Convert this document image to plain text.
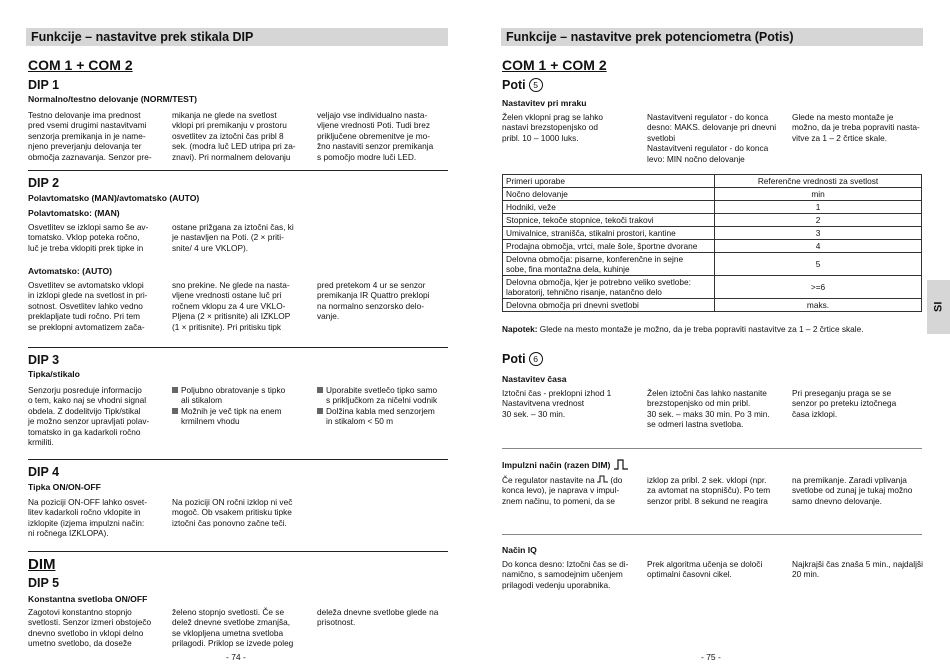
Funkcije – nastavitve prek stikala DIP
COM 1 + COM 2
DIP 1
Normalno/testno delovanje (NORM/TEST)
Testno delovanje ima prednost
pred vsemi drugimi nastavitvami
senzorja premikanja in je name-
njeno preverjanju delovanja ter
območja zaznavanja. Senzor pre-
mikanja ne glede na svetlost
vklopi pri premikanju v prostoru
osvetlitev za iztočni čas pribl 8
sek. (modra luč LED utripa pri za-
znavi). Pri normalnem delovanju
veljajo vse individualno nasta-
vljene vrednosti Poti. Tudi brez
priključene obremenitve je mo-
žno nastaviti senzor premikanja
s pomočjo modre luči LED.
DIP 2
Polavtomatsko (MAN)/avtomatsko (AUTO)
Polavtomatsko: (MAN)
Osvetlitev se izklopi samo še av-
tomatsko. Vklop poteka ročno,
luč je treba vklopiti prek tipke in
ostane prižgana za iztočni čas, ki
je nastavljen na Poti. (2 × priti-
snite/ 4 ure VKLOP).
Avtomatsko: (AUTO)
Osvetlitev se avtomatsko vklopi
in izklopi glede na svetlost in pri-
sotnost. Osvetlitev lahko vedno
preklapljate tudi ročno. Pri tem
se preklopni avtomatizem zača-
sno prekine. Ne glede na nasta-
vljene vrednosti ostane luč pri
ročnem vklopu za 4 ure VKLO-
Pljena (2 × pritisnite) ali IZKLOP
(1 × pritisnite). Pri pritisku tipk
pred pretekom 4 ur se senzor
premikanja IR Quattro preklopi
na normalno senzorsko delo-
vanje.
DIP 3
Tipka/stikalo
Senzorju posreduje informacijo
o tem, kako naj se vhodni signal
obdela. Z dodelitvijo Tipk/stikal
je možno senzor upravljati polav-
tomatsko in ga kadarkoli ročno
krmiliti.
Poljubno obratovanje s tipko
ali stikalom
Možnih je več tipk na enem
krmilnem vhodu
Uporabite svetlečo tipko samo
s priključkom za ničelni vodnik
Dolžina kabla med senzorjem
in stikalom < 50 m
DIP 4
Tipka ON/ON-OFF
Na poziciji ON-OFF lahko osvet-
litev kadarkoli ročno vklopite in
izklopite (izjema impulzni način:
ni ročnega IZKLOPA).
Na poziciji ON ročni izklop ni več
mogoč. Ob vsakem pritisku tipke
iztočni čas ponovno začne teči.
DIM
DIP 5
Konstantna svetloba ON/OFF
Zagotovi konstantno stopnjo
svetlosti. Senzor izmeri obstoječo
dnevno svetlobo in vklopi delno
umetno svetlobo, da doseže
želeno stopnjo svetlosti. Če se
delež dnevne svetlobe zmanjša,
se vklopljena umetna svetloba
prilagodi. Priklop se izvede poleg
deleža dnevne svetlobe glede na
prisotnost.
- 74 -
Funkcije – nastavitve prek potenciometra (Potis)
COM 1 + COM 2
Poti 5
Nastavitev pri mraku
Želen vklopni prag se lahko
nastavi brezstopenjsko od
pribl. 10 – 1000 luks.
Nastavitveni regulator - do konca
desno: MAKS. delovanje pri dnevni
svetlobi
Nastavitveni regulator - do konca
levo: MIN nočno delovanje
Glede na mesto montaže je
možno, da je treba popraviti nasta-
vitve za 1 – 2 črtice skale.
Primeri uporabe	Referenčne vrednosti za svetlost
Nočno delovanje	min
Hodniki, veže	1
Stopnice, tekoče stopnice, tekoči trakovi	2
Umivalnice, stranišča, stikalni prostori, kantine	3
Prodajna območja, vrtci, male šole, športne dvorane	4
Delovna območja: pisarne, konferenčne in sejne
sobe, fina montažna dela, kuhinje	5
Delovna območja, kjer je potrebno veliko svetlobe:
laboratorij, tehnično risanje, natančno delo	>=6
Delovna območja pri dnevni svetlobi	maks.
Napotek: Glede na mesto montaže je možno, da je treba popraviti nastavitve za 1 – 2 črtice skale.
Poti 6
Nastavitev časa
Iztočni čas - preklopni izhod 1
Nastavitvena vrednost
30 sek. – 30 min.
Želen iztočni čas lahko nastanite
brezstopenjsko od min pribl.
30 sek. – maks 30 min. Po 3 min.
se odmeri lastna svetloba.
Pri preseganju praga se se
senzor po preteku iztočnega
časa izklopi.
Impulzni način (razen DIM)
Če regulator nastavite na (do
konca levo), je naprava v impul-
znem načinu, to pomeni, da se
izklop za pribl. 2 sek. vklopi (npr.
za avtomat na stopnišču). Po tem
senzor pribl. 8 sekund ne reagira
na premikanje. Zaradi vplivanja
svetlobe od zunaj je tukaj možno
samo dnevno delovanje.
Način IQ
Do konca desno: Iztočni čas se di-
namično, s samodejnim učenjem
prilagodi vedenju uporabnika.
Prek algoritma učenja se določi
optimalni časovni cikel.
Najkrajši čas znaša 5 min., najdaljši
20 min.
- 75 -
SI
